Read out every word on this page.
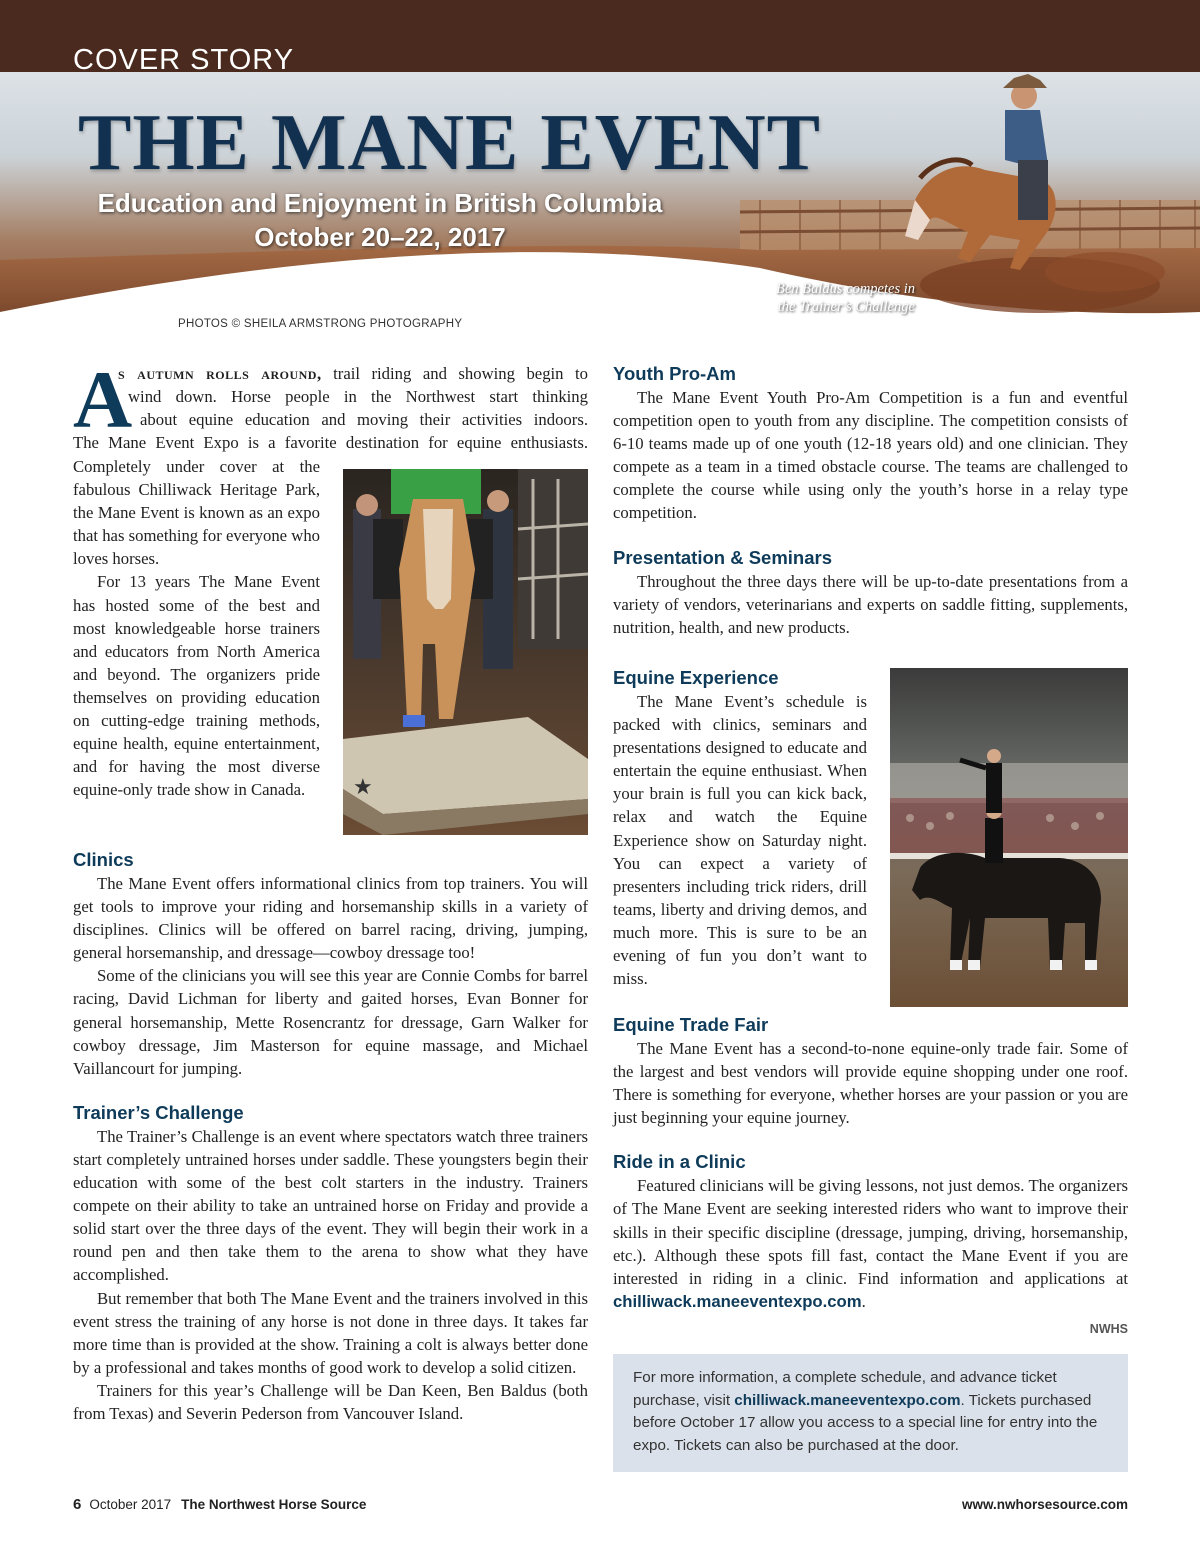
COVER STORY
THE MANE EVENT
Education and Enjoyment in British Columbia
October 20–22, 2017
Ben Baldus competes in
the Trainer’s Challenge
PHOTOS © SHEILA ARMSTRONG PHOTOGRAPHY
A
s autumn rolls around, trail riding and showing begin to
wind down. Horse people in the Northwest start thinking
about equine education and moving their activities indoors.
The Mane Event Expo is a favorite destination for equine enthusiasts.

Completely under cover at the fabulous Chilliwack Heritage Park, the Mane Event is known as an expo that has something for everyone who loves horses.

For 13 years The Mane Event has hosted some of the best and most knowledgeable horse trainers and educators from North America and beyond. The organizers pride themselves on providing education on cutting-edge training methods, equine health, equine entertainment, and for having the most diverse equine-only trade show in Canada.	★
Clinics

The Mane Event offers informational clinics from top trainers. You will get tools to improve your riding and horsemanship skills in a variety of disciplines. Clinics will be offered on barrel racing, driving, jumping, general horsemanship, and dressage—cowboy dressage too!

Some of the clinicians you will see this year are Connie Combs for barrel racing, David Lichman for liberty and gaited horses, Evan Bonner for general horsemanship, Mette Rosencrantz for dressage, Garn Walker for cowboy dressage, Jim Masterson for equine massage, and Michael Vaillancourt for jumping.

Trainer’s Challenge

The Trainer’s Challenge is an event where spectators watch three trainers start completely untrained horses under saddle. These youngsters begin their education with some of the best colt starters in the industry. Trainers compete on their ability to take an untrained horse on Friday and provide a solid start over the three days of the event. They will begin their work in a round pen and then take them to the arena to show what they have accomplished.

But remember that both The Mane Event and the trainers involved in this event stress the training of any horse is not done in three days. It takes far more time than is provided at the show. Training a colt is always better done by a professional and takes months of good work to develop a solid citizen.

Trainers for this year’s Challenge will be Dan Keen, Ben Baldus (both from Texas) and Severin Pederson from Vancouver Island.

Youth Pro-Am

The Mane Event Youth Pro-Am Competition is a fun and eventful competition open to youth from any discipline. The competition consists of 6-10 teams made up of one youth (12-18 years old) and one clinician. They compete as a team in a timed obstacle course. The teams are challenged to complete the course while using only the youth’s horse in a relay type competition.

Presentation & Seminars

Throughout the three days there will be up-to-date presentations from a variety of vendors, veterinarians and experts on saddle fitting, supplements, nutrition, health, and new products.

Equine Experience

The Mane Event’s schedule is packed with clinics, seminars and presentations designed to educate and entertain the equine enthusiast. When your brain is full you can kick back, relax and watch the Equine Experience show on Saturday night. You can expect a variety of presenters including trick riders, drill teams, liberty and driving demos, and much more. This is sure to be an evening of fun you don’t want to miss.

Equine Trade Fair

The Mane Event has a second-to-none equine-only trade fair. Some of the largest and best vendors will provide equine shopping under one roof. There is something for everyone, whether horses are your passion or you are just beginning your equine journey.

Ride in a Clinic

Featured clinicians will be giving lessons, not just demos. The organizers of The Mane Event are seeking interested riders who want to improve their skills in their specific discipline (dressage, jumping, driving, horsemanship, etc.). Although these spots fill fast, contact the Mane Event if you are interested in riding in a clinic. Find information and applications at chilliwack.maneeventexpo.com.

NWHS
For more information, a complete schedule, and advance ticket purchase, visit chilliwack.maneeventexpo.com. Tickets purchased before October 17 allow you access to a special line for entry into the expo. Tickets can also be purchased at the door.
6 October 2017 The Northwest Horse Source	www.nwhorsesource.com
